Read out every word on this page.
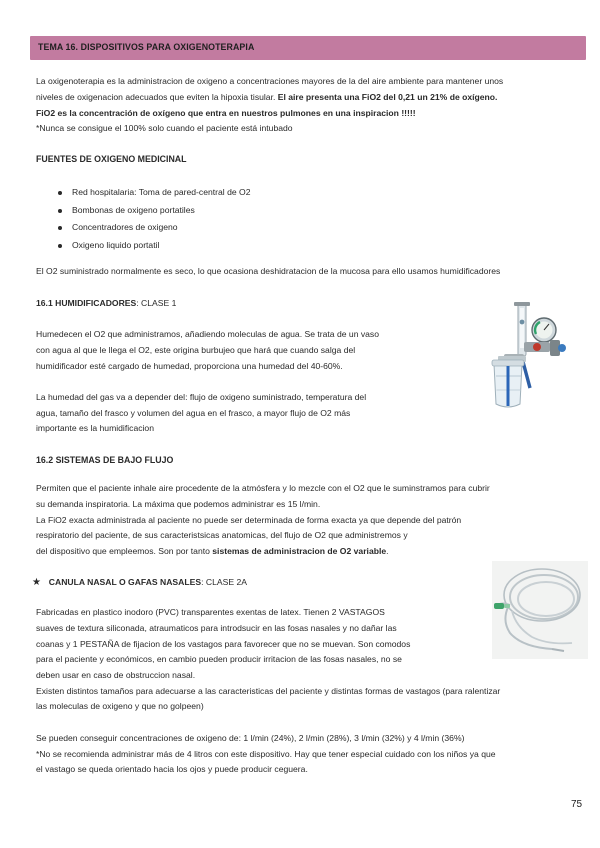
TEMA 16. DISPOSITIVOS PARA OXIGENOTERAPIA
La oxigenoterapia es la administracion de oxigeno a concentraciones mayores de la del aire ambiente para mantener unos
niveles de oxigenacion adecuados que eviten la hipoxia tisular. El aire presenta una FiO2 del 0,21 un 21% de oxígeno.
FiO2 es la concentración de oxígeno que entra en nuestros pulmones en una inspiracion !!!!!
*Nunca se consigue el 100% solo cuando el paciente está intubado
FUENTES DE OXIGENO MEDICINAL
Red hospitalaria: Toma de pared-central de O2
Bombonas de oxigeno portatiles
Concentradores de oxigeno
Oxigeno liquido portatil
El O2 suministrado normalmente es seco, lo que ocasiona deshidratacion de la mucosa para ello usamos humidificadores
16.1 HUMIDIFICADORES: CLASE 1
Humedecen el O2 que administramos, añadiendo moleculas de agua. Se trata de un vaso
con agua al que le llega el O2, este origina burbujeo que hará que cuando salga del
humidificador esté cargado de humedad, proporciona una humedad del 40-60%.
La humedad del gas va a depender del: flujo de oxigeno suministrado, temperatura del
agua, tamaño del frasco y volumen del agua en el frasco, a mayor flujo de O2 más
importante es la humidificacion
16.2 SISTEMAS DE BAJO FLUJO
Permiten que el paciente inhale aire procedente de la atmósfera y lo mezcle con el O2 que le suminstramos para cubrir
su demanda inspiratoria. La máxima que podemos administrar es 15 l/min.
La FiO2 exacta administrada al paciente no puede ser determinada de forma exacta ya que depende del patrón
respiratorio del paciente, de sus caracteristsicas anatomicas, del flujo de O2 que administremos y
del dispositivo que empleemos. Son por tanto sistemas de administracion de O2 variable.
★ CANULA NASAL O GAFAS NASALES: CLASE 2A
Fabricadas en plastico inodoro (PVC) transparentes exentas de latex. Tienen 2 VASTAGOS
suaves de textura siliconada, atraumaticos para introdsucir en las fosas nasales y no dañar las
coanas y 1 PESTAÑA de fijacion de los vastagos para favorecer que no se muevan. Son comodos
para el paciente y económicos, en cambio pueden producir irritacion de las fosas nasales, no se
deben usar en caso de obstruccion nasal.
Existen distintos tamaños para adecuarse a las caracteristicas del paciente y distintas formas de vastagos (para ralentizar
las moleculas de oxigeno y que no golpeen)
Se pueden conseguir concentraciones de oxigeno de: 1 l/min (24%), 2 l/min (28%), 3 l/min (32%) y 4 l/min (36%)
*No se recomienda administrar más de 4 litros con este dispositivo. Hay que tener especial cuidado con los niños ya que
el vastago se queda orientado hacia los ojos y puede producir ceguera.
75
